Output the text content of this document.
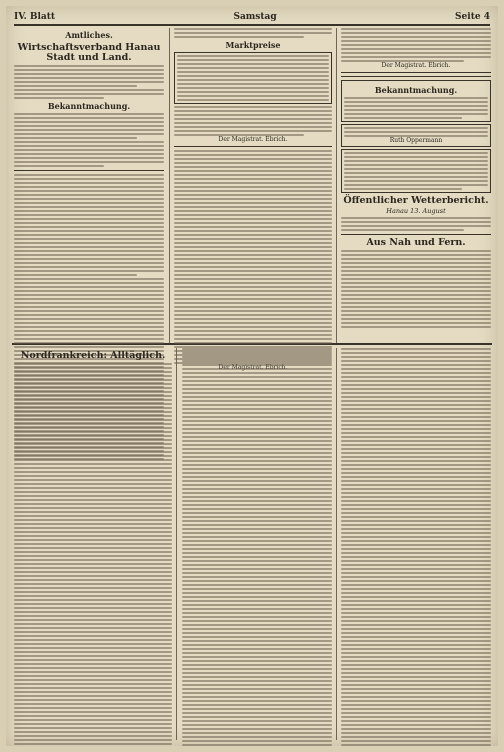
IV. Blatt	Samstag	Seite 4
Amtliches.
Wirtschaftsverband Hanau Stadt und Land.
Bekanntmachung.
Marktpreise
Der Magistrat. Ebrich.
Der Magistrat. Ebrich.
Bekanntmachung.
Ruth Oppermann
Öffentlicher Wetterbericht.
Hanau 13. August
Aus Nah und Fern.
Nordfrankreich: Alltäglich.
